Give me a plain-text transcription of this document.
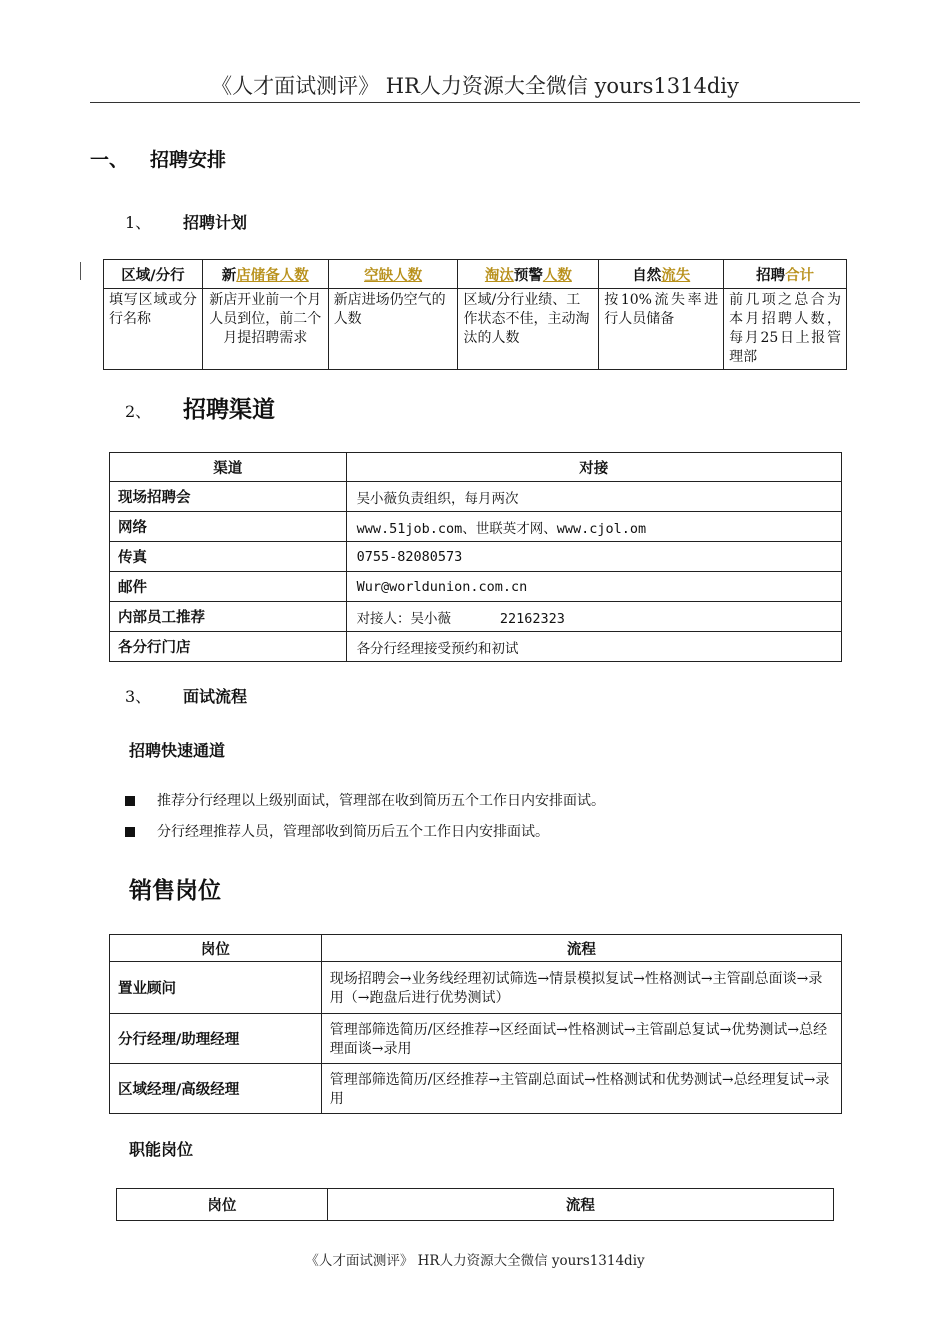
《人才面试测评》 HR人力资源大全微信 yours1314diy
一、 招聘安排
1、 招聘计划
区域/分行	新店储备人数	空缺人数	淘汰预警人数	自然流失	招聘合计
填写区域或分行名称	新店开业前一个月人员到位，前二个月提招聘需求	新店进场仍空气的人数	区域/分行业绩、工作状态不佳，主动淘汰的人数	按10%流失率进行人员储备	前几项之总合为本月招聘人数，每月25日上报管理部
2、 招聘渠道
渠道	对接
现场招聘会	吴小薇负责组织，每月两次
网络	www.51job.com、世联英才网、www.cjol.om
传真	0755-82080573
邮件	Wur@worldunion.com.cn
内部员工推荐	对接人：吴小薇      22162323
各分行门店	各分行经理接受预约和初试
3、 面试流程
招聘快速通道
推荐分行经理以上级别面试，管理部在收到简历五个工作日内安排面试。
分行经理推荐人员，管理部收到简历后五个工作日内安排面试。
销售岗位
岗位	流程
置业顾问	现场招聘会→业务线经理初试筛选→情景模拟复试→性格测试→主管副总面谈→录用（→跑盘后进行优势测试）
分行经理/助理经理	管理部筛选简历/区经推荐→区经面试→性格测试→主管副总复试→优势测试→总经理面谈→录用
区域经理/高级经理	管理部筛选简历/区经推荐→主管副总面试→性格测试和优势测试→总经理复试→录用
职能岗位
岗位	流程
《人才面试测评》 HR人力资源大全微信 yours1314diy
